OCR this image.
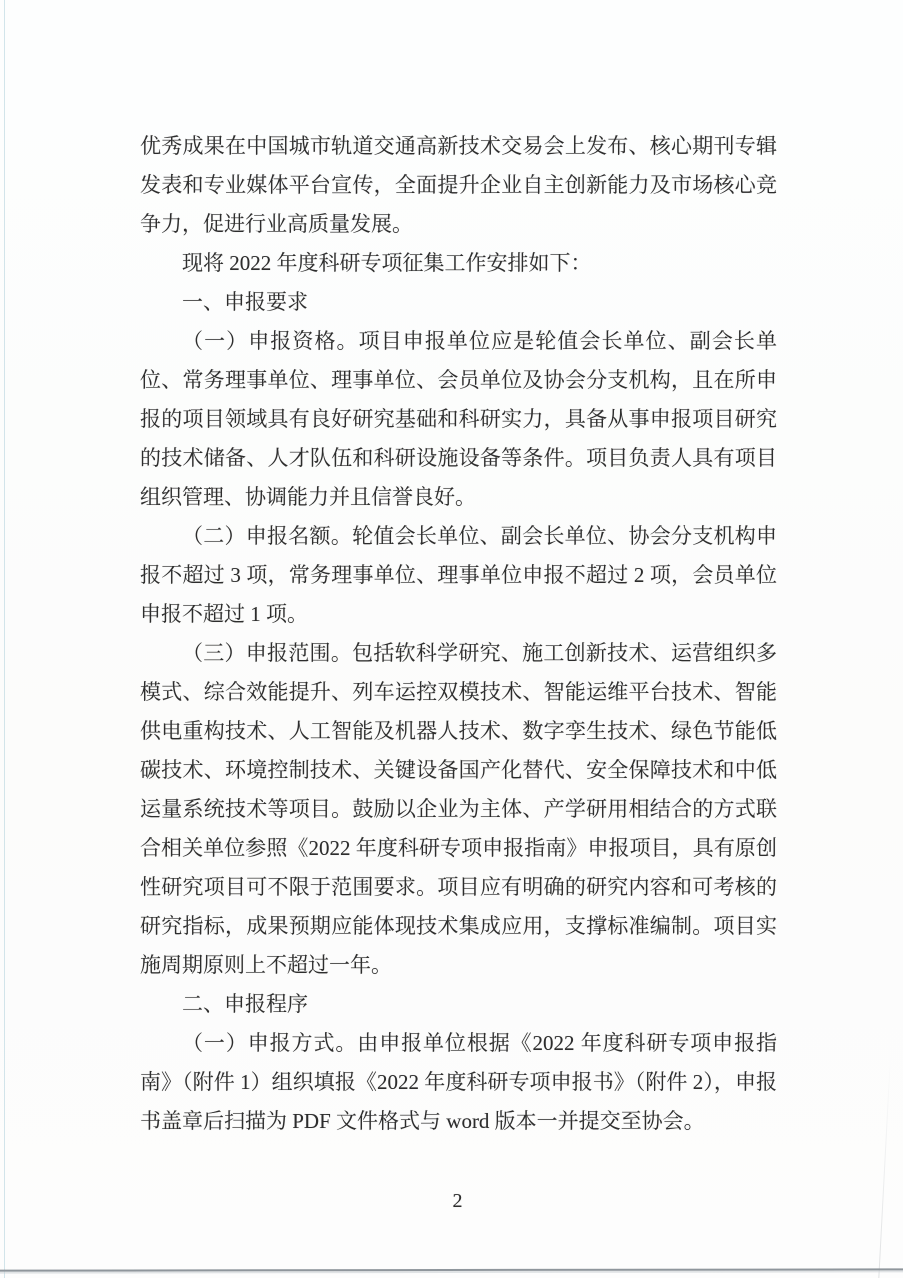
优秀成果在中国城市轨道交通高新技术交易会上发布、核心期刊专辑发表和专业媒体平台宣传，全面提升企业自主创新能力及市场核心竞争力，促进行业高质量发展。

现将 2022 年度科研专项征集工作安排如下：

一、申报要求

（一）申报资格。项目申报单位应是轮值会长单位、副会长单位、常务理事单位、理事单位、会员单位及协会分支机构，且在所申报的项目领域具有良好研究基础和科研实力，具备从事申报项目研究的技术储备、人才队伍和科研设施设备等条件。项目负责人具有项目组织管理、协调能力并且信誉良好。

（二）申报名额。轮值会长单位、副会长单位、协会分支机构申报不超过 3 项，常务理事单位、理事单位申报不超过 2 项，会员单位申报不超过 1 项。

（三）申报范围。包括软科学研究、施工创新技术、运营组织多模式、综合效能提升、列车运控双模技术、智能运维平台技术、智能供电重构技术、人工智能及机器人技术、数字孪生技术、绿色节能低碳技术、环境控制技术、关键设备国产化替代、安全保障技术和中低运量系统技术等项目。鼓励以企业为主体、产学研用相结合的方式联合相关单位参照《2022 年度科研专项申报指南》申报项目，具有原创性研究项目可不限于范围要求。项目应有明确的研究内容和可考核的研究指标，成果预期应能体现技术集成应用，支撑标准编制。项目实施周期原则上不超过一年。

二、申报程序

（一）申报方式。由申报单位根据《2022 年度科研专项申报指南》（附件 1）组织填报《2022 年度科研专项申报书》（附件 2），申报书盖章后扫描为 PDF 文件格式与 word 版本一并提交至协会。

2
